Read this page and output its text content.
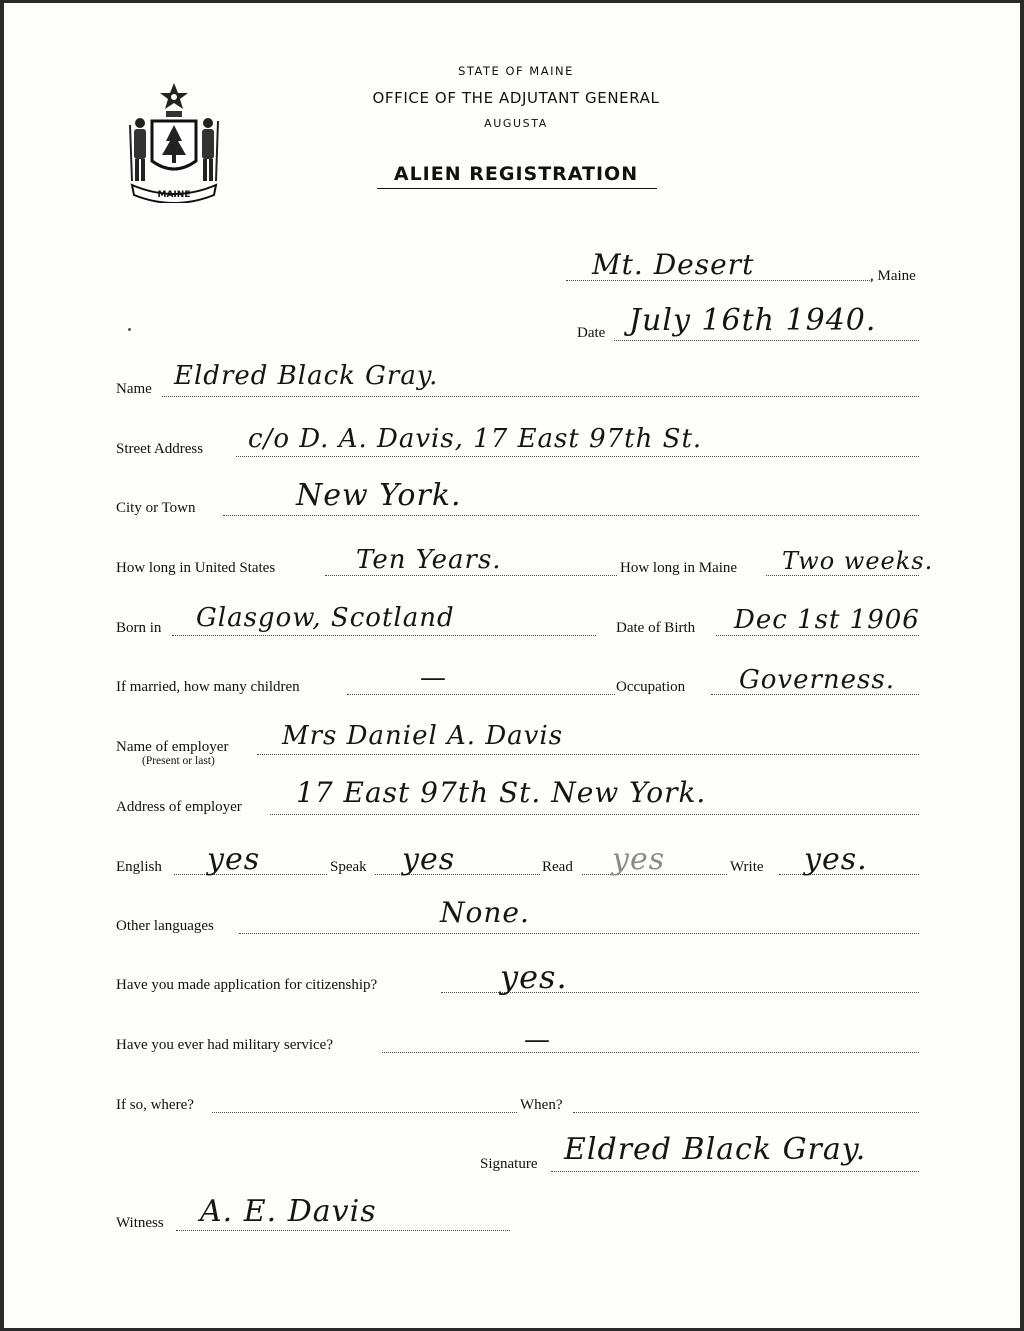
MAINE
STATE OF MAINE
OFFICE OF THE ADJUTANT GENERAL
AUGUSTA
ALIEN REGISTRATION
Mt. Desert	, Maine
Date July 16th 1940.
Name Eldred Black Gray.
Street Address c/o D. A. Davis, 17 East 97th St.
City or Town	New York.
How long in United States	Ten Years.	How long in Maine Two weeks.
Born in Glasgow, Scotland	Date of Birth Dec 1st 1906
If married, how many children	—	Occupation Governess.
Name of employer
(Present or last)
Mrs Daniel A. Davis
Address of employer 17 East 97th St. New York.
English yes	Speak yes	Read yes	Write yes.
Other languages	None.
Have you made application for citizenship?	yes.
Have you ever had military service?	—
If so, where?	When?
Signature Eldred Black Gray.
Witness A. E. Davis
